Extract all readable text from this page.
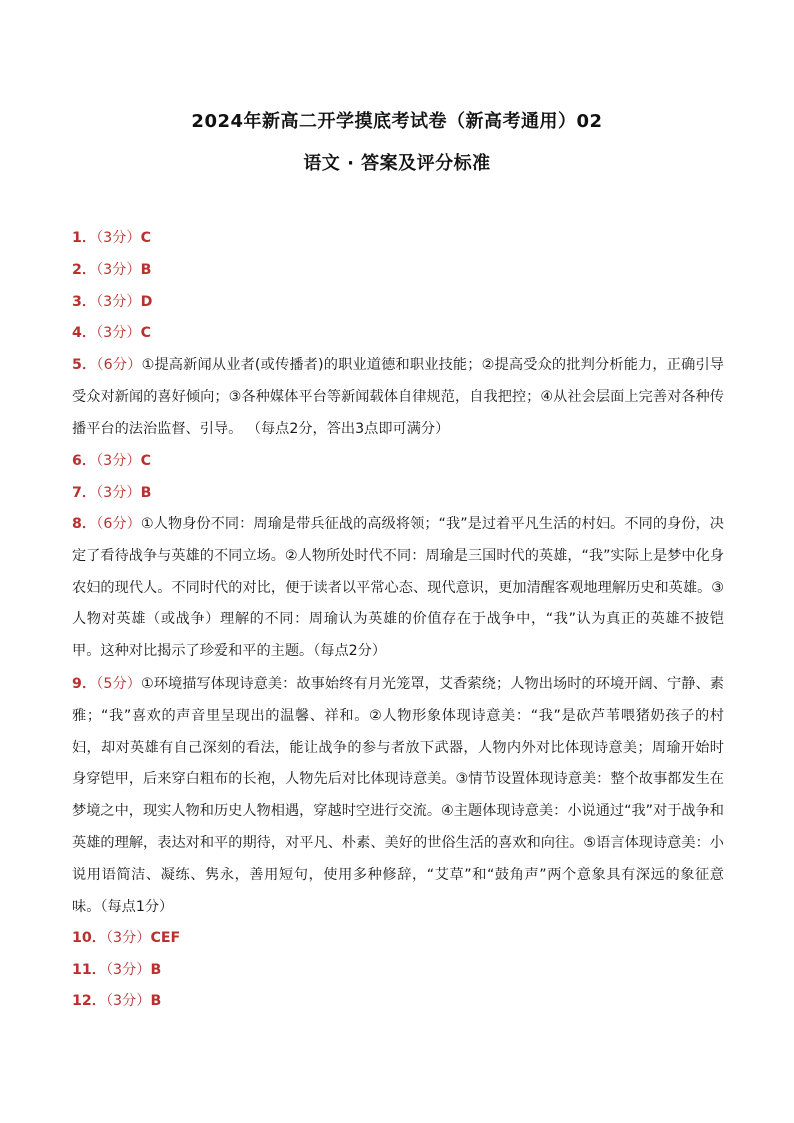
2024年新高二开学摸底考试卷（新高考通用）02
语文 · 答案及评分标准
1．（3分）C
2．（3分）B
3．（3分）D
4．（3分）C
5．（6分）①提高新闻从业者(或传播者)的职业道德和职业技能；②提高受众的批判分析能力，正确引导受众对新闻的喜好倾向；③各种媒体平台等新闻载体自律规范，自我把控；④从社会层面上完善对各种传播平台的法治监督、引导。 （每点2分，答出3点即可满分）
6．（3分）C
7．（3分）B
8．（6分）①人物身份不同：周瑜是带兵征战的高级将领；“我”是过着平凡生活的村妇。不同的身份，决定了看待战争与英雄的不同立场。②人物所处时代不同：周瑜是三国时代的英雄，“我”实际上是梦中化身农妇的现代人。不同时代的对比，便于读者以平常心态、现代意识，更加清醒客观地理解历史和英雄。③人物对英雄（或战争）理解的不同：周瑜认为英雄的价值存在于战争中，“我”认为真正的英雄不披铠甲。这种对比揭示了珍爱和平的主题。（每点2分）
9．（5分）①环境描写体现诗意美：故事始终有月光笼罩，艾香萦绕；人物出场时的环境开阔、宁静、素雅；“我”喜欢的声音里呈现出的温馨、祥和。②人物形象体现诗意美：“我”是砍芦苇喂猪奶孩子的村妇，却对英雄有自己深刻的看法，能让战争的参与者放下武器，人物内外对比体现诗意美；周瑜开始时身穿铠甲，后来穿白粗布的长袍，人物先后对比体现诗意美。③情节设置体现诗意美：整个故事都发生在梦境之中，现实人物和历史人物相遇，穿越时空进行交流。④主题体现诗意美：小说通过“我”对于战争和英雄的理解，表达对和平的期待，对平凡、朴素、美好的世俗生活的喜欢和向往。⑤语言体现诗意美：小说用语简洁、凝练、隽永，善用短句，使用多种修辞，“艾草”和“鼓角声”两个意象具有深远的象征意味。（每点1分）
10．（3分）CEF
11．（3分）B
12．（3分）B
